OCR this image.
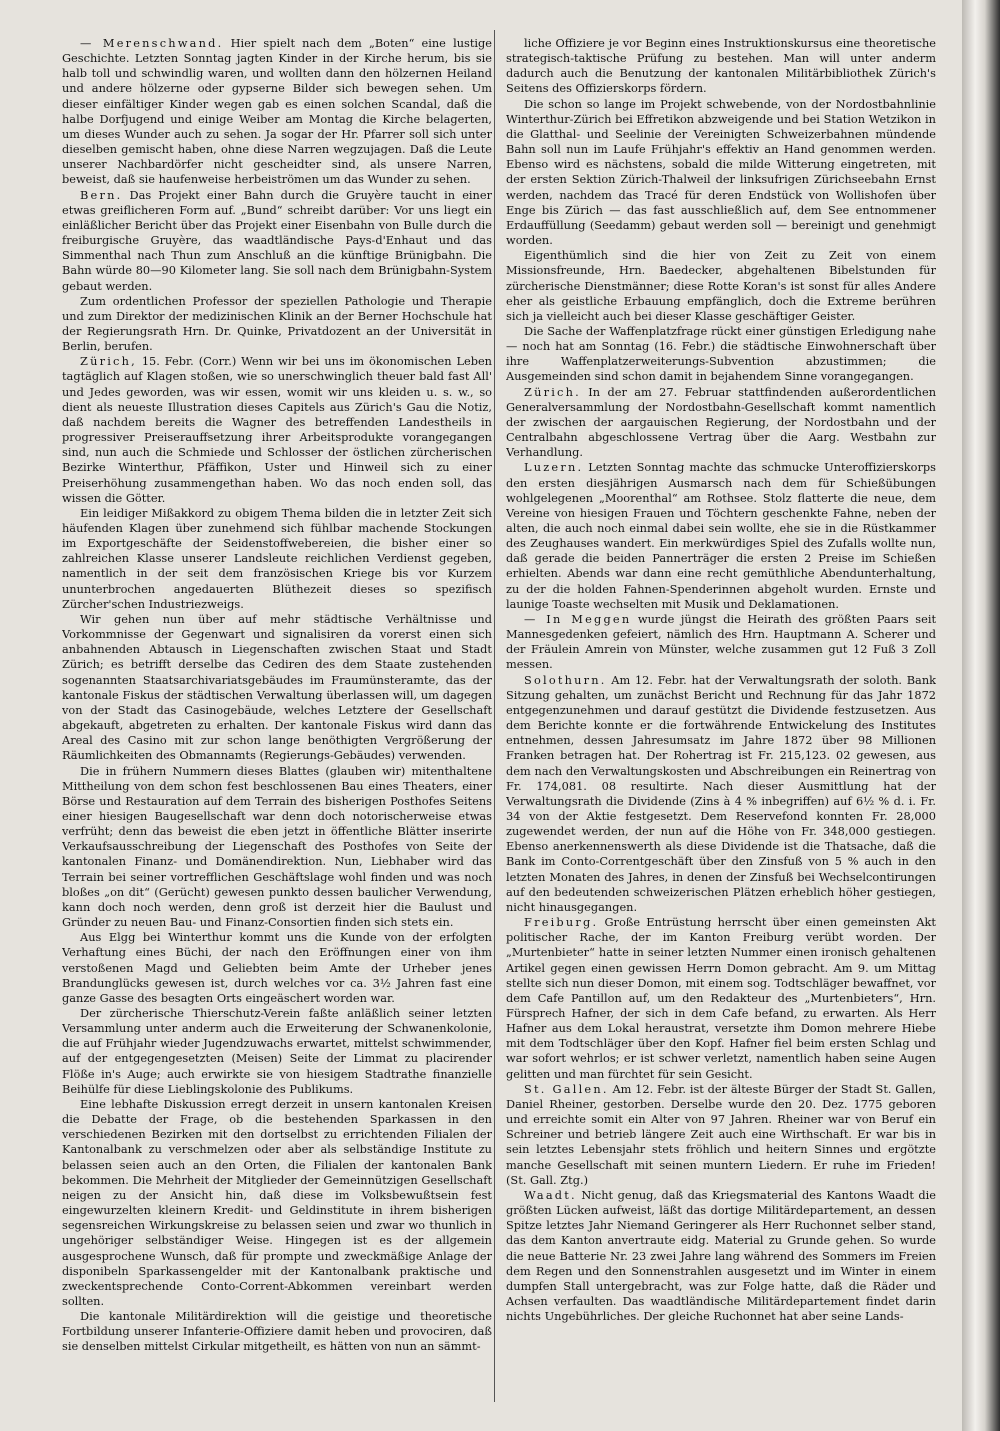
— Merenschwand. Hier spielt nach dem „Boten“ eine lustige Geschichte. Letzten Sonntag jagten Kinder in der Kirche herum, bis sie halb toll und schwindlig waren, und wollten dann den hölzernen Heiland und andere hölzerne oder gypserne Bilder sich bewegen sehen. Um dieser einfältiger Kinder wegen gab es einen solchen Scandal, daß die halbe Dorfjugend und einige Weiber am Montag die Kirche belagerten, um dieses Wunder auch zu sehen. Ja sogar der Hr. Pfarrer soll sich unter dieselben gemischt haben, ohne diese Narren wegzujagen. Daß die Leute unserer Nachbardörfer nicht gescheidter sind, als unsere Narren, beweist, daß sie haufenweise herbeiströmen um das Wunder zu sehen.

Bern. Das Projekt einer Bahn durch die Gruyère taucht in einer etwas greiflicheren Form auf. „Bund“ schreibt darüber: Vor uns liegt ein einläßlicher Bericht über das Projekt einer Eisenbahn von Bulle durch die freiburgische Gruyère, das waadtländische Pays-d'Enhaut und das Simmenthal nach Thun zum Anschluß an die künftige Brünigbahn. Die Bahn würde 80—90 Kilometer lang. Sie soll nach dem Brünigbahn-System gebaut werden.

Zum ordentlichen Professor der speziellen Pathologie und Therapie und zum Direktor der medizinischen Klinik an der Berner Hochschule hat der Regierungsrath Hrn. Dr. Quinke, Privatdozent an der Universität in Berlin, berufen.

Zürich, 15. Febr. (Corr.) Wenn wir bei uns im ökonomischen Leben tagtäglich auf Klagen stoßen, wie so unerschwinglich theuer bald fast All' und Jedes geworden, was wir essen, womit wir uns kleiden u. s. w., so dient als neueste Illustration dieses Capitels aus Zürich's Gau die Notiz, daß nachdem bereits die Wagner des betreffenden Landestheils in progressiver Preiserauffsetzung ihrer Arbeitsprodukte vorangegangen sind, nun auch die Schmiede und Schlosser der östlichen zürcherischen Bezirke Winterthur, Pfäffikon, Uster und Hinweil sich zu einer Preiserhöhung zusammengethan haben. Wo das noch enden soll, das wissen die Götter.

Ein leidiger Mißakkord zu obigem Thema bilden die in letzter Zeit sich häufenden Klagen über zunehmend sich fühlbar machende Stockungen im Exportgeschäfte der Seidenstoffwebereien, die bisher einer so zahlreichen Klasse unserer Landsleute reichlichen Verdienst gegeben, namentlich in der seit dem französischen Kriege bis vor Kurzem ununterbrochen angedauerten Blüthezeit dieses so spezifisch Zürcher'schen Industriezweigs.

Wir gehen nun über auf mehr städtische Verhältnisse und Vorkommnisse der Gegenwart und signalisiren da vorerst einen sich anbahnenden Abtausch in Liegenschaften zwischen Staat und Stadt Zürich; es betrifft derselbe das Cediren des dem Staate zustehenden sogenannten Staatsarchivariatsgebäudes im Fraumünsteramte, das der kantonale Fiskus der städtischen Verwaltung überlassen will, um dagegen von der Stadt das Casinogebäude, welches Letztere der Gesellschaft abgekauft, abgetreten zu erhalten. Der kantonale Fiskus wird dann das Areal des Casino mit zur schon lange benöthigten Vergrößerung der Räumlichkeiten des Obmannamts (Regierungs-Gebäudes) verwenden.

Die in frühern Nummern dieses Blattes (glauben wir) mitenthaltene Mittheilung von dem schon fest beschlossenen Bau eines Theaters, einer Börse und Restauration auf dem Terrain des bisherigen Posthofes Seitens einer hiesigen Baugesellschaft war denn doch notorischerweise etwas verfrüht; denn das beweist die eben jetzt in öffentliche Blätter inserirte Verkaufsausschreibung der Liegenschaft des Posthofes von Seite der kantonalen Finanz- und Domänendirektion. Nun, Liebhaber wird das Terrain bei seiner vortrefflichen Geschäftslage wohl finden und was noch bloßes „on dit“ (Gerücht) gewesen punkto dessen baulicher Verwendung, kann doch noch werden, denn groß ist derzeit hier die Baulust und Gründer zu neuen Bau- und Finanz-Consortien finden sich stets ein.

Aus Elgg bei Winterthur kommt uns die Kunde von der erfolgten Verhaftung eines Büchi, der nach den Eröffnungen einer von ihm verstoßenen Magd und Geliebten beim Amte der Urheber jenes Brandunglücks gewesen ist, durch welches vor ca. 3½ Jahren fast eine ganze Gasse des besagten Orts eingeäschert worden war.

Der zürcherische Thierschutz-Verein faßte anläßlich seiner letzten Versammlung unter anderm auch die Erweiterung der Schwanenkolonie, die auf Frühjahr wieder Jugendzuwachs erwartet, mittelst schwimmender, auf der entgegengesetzten (Meisen) Seite der Limmat zu placirender Flöße in's Auge; auch erwirkte sie von hiesigem Stadtrathe finanzielle Beihülfe für diese Lieblingskolonie des Publikums.

Eine lebhafte Diskussion erregt derzeit in unsern kantonalen Kreisen die Debatte der Frage, ob die bestehenden Sparkassen in den verschiedenen Bezirken mit den dortselbst zu errichtenden Filialen der Kantonalbank zu verschmelzen oder aber als selbständige Institute zu belassen seien auch an den Orten, die Filialen der kantonalen Bank bekommen. Die Mehrheit der Mitglieder der Gemeinnützigen Gesellschaft neigen zu der Ansicht hin, daß diese im Volksbewußtsein fest eingewurzelten kleinern Kredit- und Geldinstitute in ihrem bisherigen segensreichen Wirkungskreise zu belassen seien und zwar wo thunlich in ungehöriger selbständiger Weise. Hingegen ist es der allgemein ausgesprochene Wunsch, daß für prompte und zweckmäßige Anlage der disponibeln Sparkassengelder mit der Kantonalbank praktische und zweckentsprechende Conto-Corrent-Abkommen vereinbart werden sollten.

Die kantonale Militärdirektion will die geistige und theoretische Fortbildung unserer Infanterie-Offiziere damit heben und provociren, daß sie denselben mittelst Cirkular mitgetheilt, es hätten von nun an sämmt-

liche Offiziere je vor Beginn eines Instruktionskursus eine theoretische strategisch-taktische Prüfung zu bestehen. Man will unter anderm dadurch auch die Benutzung der kantonalen Militärbibliothek Zürich's Seitens des Offizierskorps fördern.

Die schon so lange im Projekt schwebende, von der Nordostbahnlinie Winterthur-Zürich bei Effretikon abzweigende und bei Station Wetzikon in die Glatthal- und Seelinie der Vereinigten Schweizerbahnen mündende Bahn soll nun im Laufe Frühjahr's effektiv an Hand genommen werden. Ebenso wird es nächstens, sobald die milde Witterung eingetreten, mit der ersten Sektion Zürich-Thalweil der linksufrigen Zürichseebahn Ernst werden, nachdem das Tracé für deren Endstück von Wollishofen über Enge bis Zürich — das fast ausschließlich auf, dem See entnommener Erdauffüllung (Seedamm) gebaut werden soll — bereinigt und genehmigt worden.

Eigenthümlich sind die hier von Zeit zu Zeit von einem Missionsfreunde, Hrn. Baedecker, abgehaltenen Bibelstunden für zürcherische Dienstmänner; diese Rotte Koran's ist sonst für alles Andere eher als geistliche Erbauung empfänglich, doch die Extreme berühren sich ja vielleicht auch bei dieser Klasse geschäftiger Geister.

Die Sache der Waffenplatzfrage rückt einer günstigen Erledigung nahe — noch hat am Sonntag (16. Febr.) die städtische Einwohnerschaft über ihre Waffenplatzerweiterungs-Subvention abzustimmen; die Ausgemeinden sind schon damit in bejahendem Sinne vorangegangen.

Zürich. In der am 27. Februar stattfindenden außerordentlichen Generalversammlung der Nordostbahn-Gesellschaft kommt namentlich der zwischen der aargauischen Regierung, der Nordostbahn und der Centralbahn abgeschlossene Vertrag über die Aarg. Westbahn zur Verhandlung.

Luzern. Letzten Sonntag machte das schmucke Unteroffizierskorps den ersten diesjährigen Ausmarsch nach dem für Schießübungen wohlgelegenen „Moorenthal“ am Rothsee. Stolz flatterte die neue, dem Vereine von hiesigen Frauen und Töchtern geschenkte Fahne, neben der alten, die auch noch einmal dabei sein wollte, ehe sie in die Rüstkammer des Zeughauses wandert. Ein merkwürdiges Spiel des Zufalls wollte nun, daß gerade die beiden Pannerträger die ersten 2 Preise im Schießen erhielten. Abends war dann eine recht gemüthliche Abendunterhaltung, zu der die holden Fahnen-Spenderinnen abgeholt wurden. Ernste und launige Toaste wechselten mit Musik und Deklamationen.

— In Meggen wurde jüngst die Heirath des größten Paars seit Mannesgedenken gefeiert, nämlich des Hrn. Hauptmann A. Scherer und der Fräulein Amrein von Münster, welche zusammen gut 12 Fuß 3 Zoll messen.

Solothurn. Am 12. Febr. hat der Verwaltungsrath der soloth. Bank Sitzung gehalten, um zunächst Bericht und Rechnung für das Jahr 1872 entgegenzunehmen und darauf gestützt die Dividende festzusetzen. Aus dem Berichte konnte er die fortwährende Entwickelung des Institutes entnehmen, dessen Jahresumsatz im Jahre 1872 über 98 Millionen Franken betragen hat. Der Rohertrag ist Fr. 215,123. 02 gewesen, aus dem nach den Verwaltungskosten und Abschreibungen ein Reinertrag von Fr. 174,081. 08 resultirte. Nach dieser Ausmittlung hat der Verwaltungsrath die Dividende (Zins à 4 % inbegriffen) auf 6½ % d. i. Fr. 34 von der Aktie festgesetzt. Dem Reservefond konnten Fr. 28,000 zugewendet werden, der nun auf die Höhe von Fr. 348,000 gestiegen. Ebenso anerkennenswerth als diese Dividende ist die Thatsache, daß die Bank im Conto-Correntgeschäft über den Zinsfuß von 5 % auch in den letzten Monaten des Jahres, in denen der Zinsfuß bei Wechselcontirungen auf den bedeutenden schweizerischen Plätzen erheblich höher gestiegen, nicht hinausgegangen.

Freiburg. Große Entrüstung herrscht über einen gemeinsten Akt politischer Rache, der im Kanton Freiburg verübt worden. Der „Murtenbieter“ hatte in seiner letzten Nummer einen ironisch gehaltenen Artikel gegen einen gewissen Herrn Domon gebracht. Am 9. um Mittag stellte sich nun dieser Domon, mit einem sog. Todtschläger bewaffnet, vor dem Cafe Pantillon auf, um den Redakteur des „Murtenbieters“, Hrn. Fürsprech Hafner, der sich in dem Cafe befand, zu erwarten. Als Herr Hafner aus dem Lokal heraustrat, versetzte ihm Domon mehrere Hiebe mit dem Todtschläger über den Kopf. Hafner fiel beim ersten Schlag und war sofort wehrlos; er ist schwer verletzt, namentlich haben seine Augen gelitten und man fürchtet für sein Gesicht.

St. Gallen. Am 12. Febr. ist der älteste Bürger der Stadt St. Gallen, Daniel Rheiner, gestorben. Derselbe wurde den 20. Dez. 1775 geboren und erreichte somit ein Alter von 97 Jahren. Rheiner war von Beruf ein Schreiner und betrieb längere Zeit auch eine Wirthschaft. Er war bis in sein letztes Lebensjahr stets fröhlich und heitern Sinnes und ergötzte manche Gesellschaft mit seinen muntern Liedern. Er ruhe im Frieden! (St. Gall. Ztg.)

Waadt. Nicht genug, daß das Kriegsmaterial des Kantons Waadt die größten Lücken aufweist, läßt das dortige Militärdepartement, an dessen Spitze letztes Jahr Niemand Geringerer als Herr Ruchonnet selber stand, das dem Kanton anvertraute eidg. Material zu Grunde gehen. So wurde die neue Batterie Nr. 23 zwei Jahre lang während des Sommers im Freien dem Regen und den Sonnenstrahlen ausgesetzt und im Winter in einem dumpfen Stall untergebracht, was zur Folge hatte, daß die Räder und Achsen verfaulten. Das waadtländische Militärdepartement findet darin nichts Ungebührliches. Der gleiche Ruchonnet hat aber seine Lands-
